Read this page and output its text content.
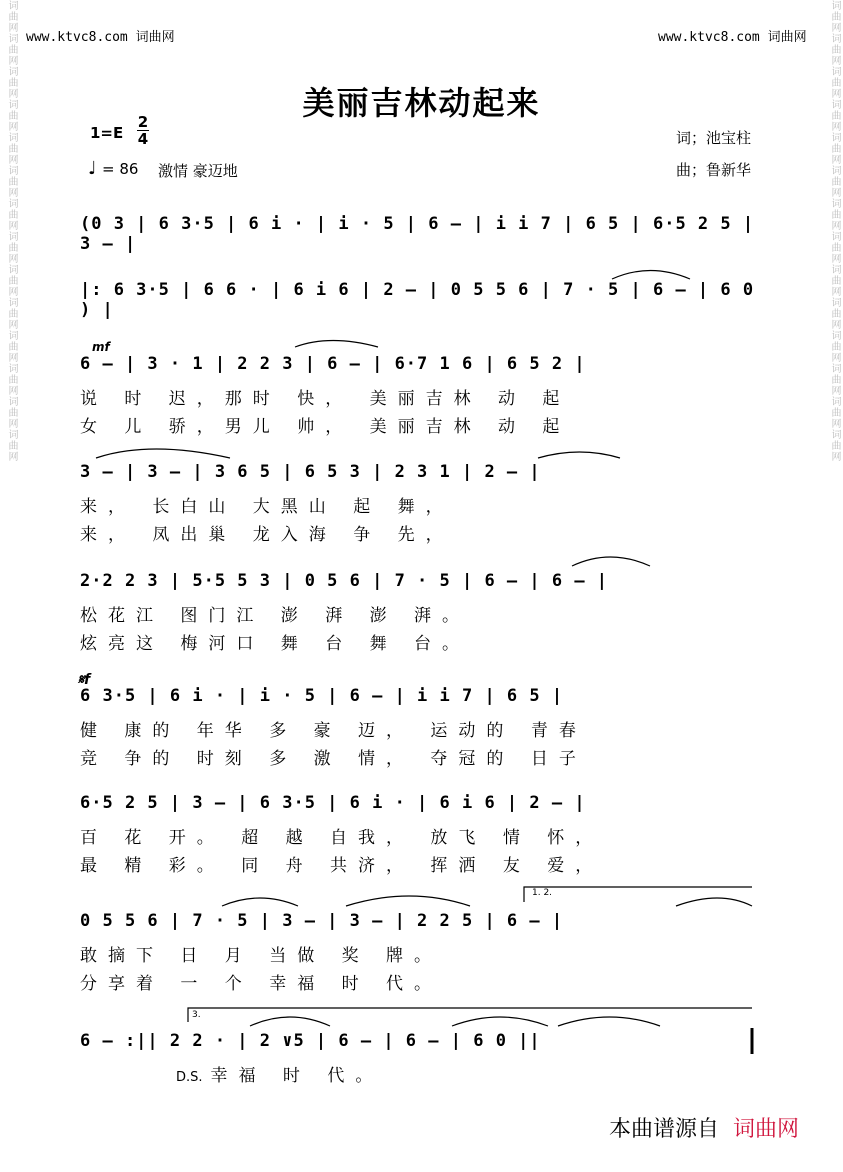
www.ktvc8.com 词曲网	www.ktvc8.com 词曲网
词曲网词曲网词曲网词曲网词曲网词曲网词曲网词曲网词曲网词曲网词曲网词曲网词曲网词曲网	词曲网词曲网词曲网词曲网词曲网词曲网词曲网词曲网词曲网词曲网词曲网词曲网词曲网词曲网
美丽吉林动起来
1=E
2
4
♩ = 86 激情 豪迈地
词；池宝柱
曲；鲁新华
(0 3 | 6 3·5 | 6 i · | i · 5 | 6 – | i i 7 | 6 5 | 6·5 2 5 | 3 – |
|: 6 3·5 | 6 6 · | 6 i 6 | 2 – | 0 5 5 6 | 7 · 5 | 6 – | 6 0 ) |
mf
6 – | 3 · 1 | 2 2 3 | 6 – | 6·7 1 6 | 6 5 2 |
说 时 迟，那时 快， 美丽吉林 动 起
女 儿 骄，男儿 帅， 美丽吉林 动 起
3 – | 3 – | 3 6 5 | 6 5 3 | 2 3 1 | 2 – |
来， 长白山 大黑山 起 舞，
来， 凤出巢 龙入海 争 先，
2·2 2 3 | 5·5 5 3 | 0 5 6 | 7 · 5 | 6 – | 6 – |
松花江 图门江 澎 湃 澎 湃。
炫亮这 梅河口 舞 台 舞 台。
𝄋f
6 3·5 | 6 i · | i · 5 | 6 – | i i 7 | 6 5 |
健 康的 年华 多 豪 迈， 运动的 青春
竞 争的 时刻 多 激 情， 夺冠的 日子
6·5 2 5 | 3 – | 6 3·5 | 6 i · | 6 i 6 | 2 – |
百 花 开。 超 越 自我， 放飞 情 怀，
最 精 彩。 同 舟 共济， 挥洒 友 爱，
1. 2.
0 5 5 6 | 7 · 5 | 3 – | 3 – | 2 2 5 | 6 – |
敢摘下 日 月 当做 奖 牌。
分享着 一 个 幸福 时 代。
3.
6 – :|| 2 2 · | 2 ∨5 | 6 – | 6 – | 6 0 ||
D.S. 幸福 时 代。
本曲谱源自 词曲网
